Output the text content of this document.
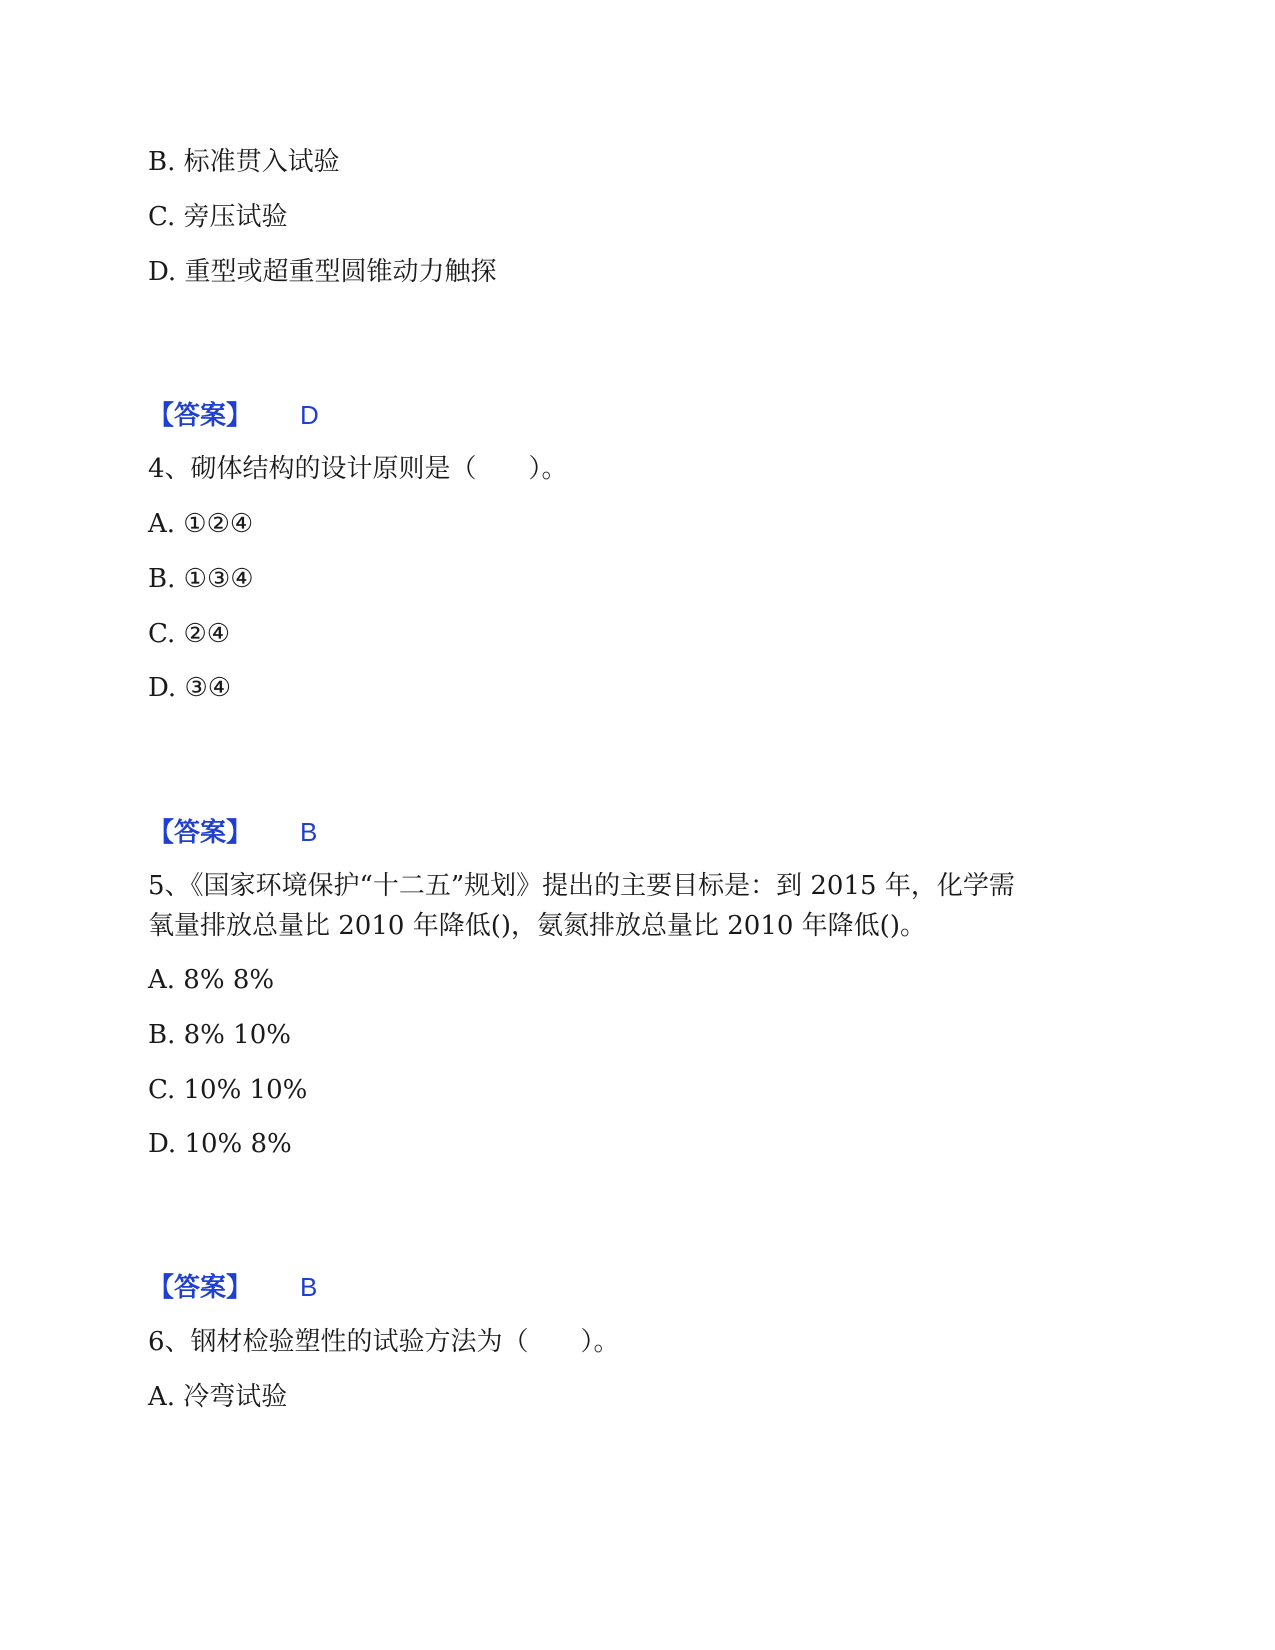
B. 标准贯入试验
C. 旁压试验
D. 重型或超重型圆锥动力触探
【答案】 D
4、砌体结构的设计原则是（　　）。
A. ①②④
B. ①③④
C. ②④
D. ③④
【答案】 B
5、《国家环境保护“十二五”规划》提出的主要目标是：到 2015 年，化学需
氧量排放总量比 2010 年降低()，氨氮排放总量比 2010 年降低()。
A. 8% 8%
B. 8% 10%
C. 10% 10%
D. 10% 8%
【答案】 B
6、钢材检验塑性的试验方法为（　　）。
A. 冷弯试验
